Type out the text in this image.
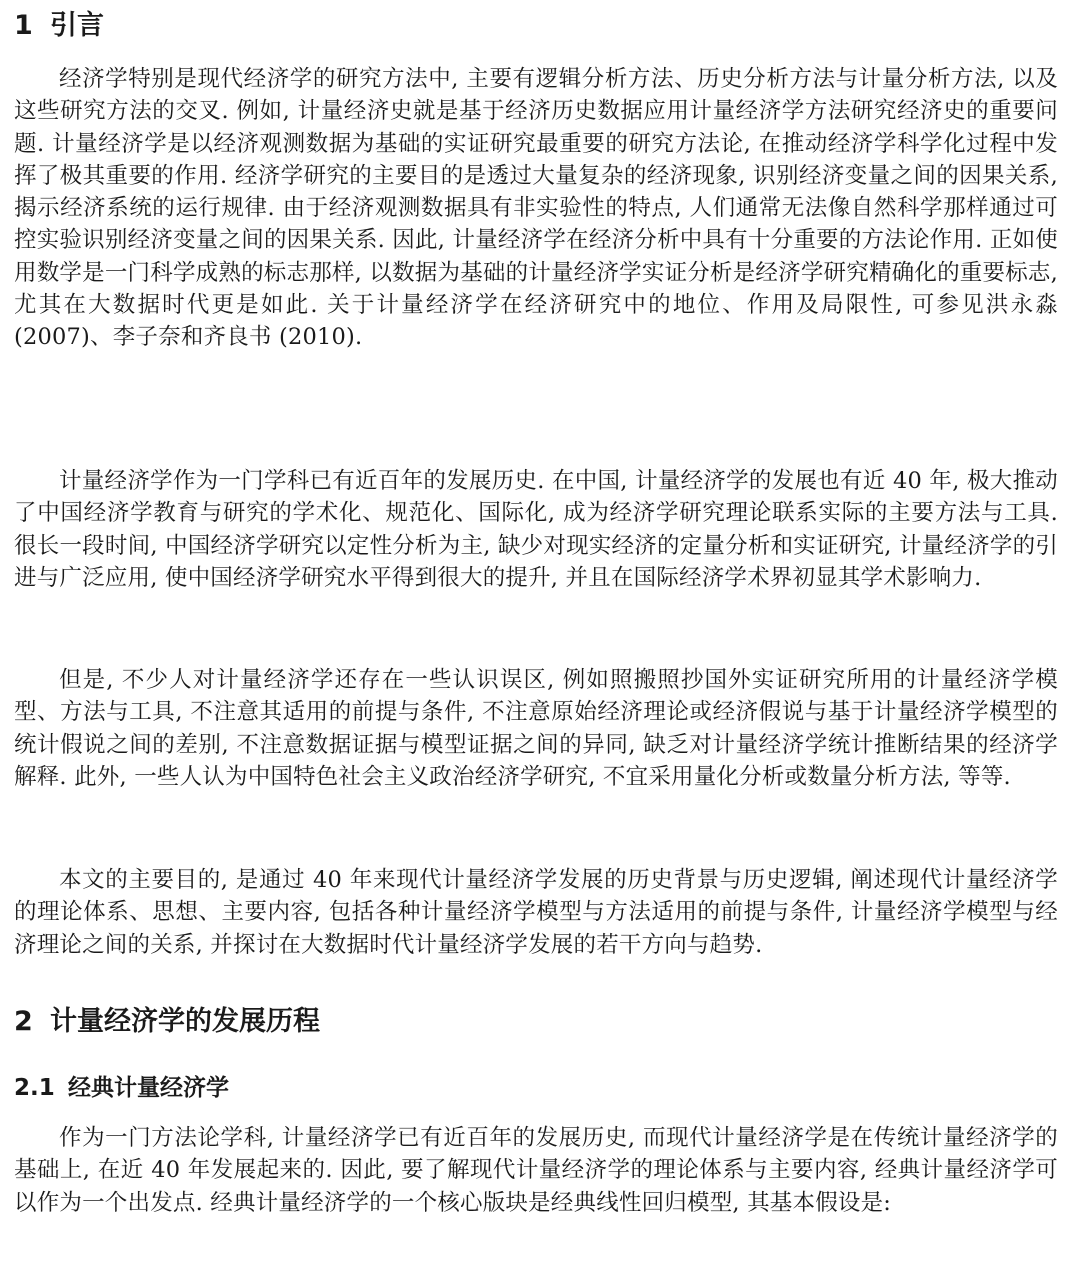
1 引言

经济学特别是现代经济学的研究方法中, 主要有逻辑分析方法、历史分析方法与计量分析方法, 以及这些研究方法的交叉. 例如, 计量经济史就是基于经济历史数据应用计量经济学方法研究经济史的重要问题. 计量经济学是以经济观测数据为基础的实证研究最重要的研究方法论, 在推动经济学科学化过程中发挥了极其重要的作用. 经济学研究的主要目的是透过大量复杂的经济现象, 识别经济变量之间的因果关系, 揭示经济系统的运行规律. 由于经济观测数据具有非实验性的特点, 人们通常无法像自然科学那样通过可控实验识别经济变量之间的因果关系. 因此, 计量经济学在经济分析中具有十分重要的方法论作用. 正如使用数学是一门科学成熟的标志那样, 以数据为基础的计量经济学实证分析是经济学研究精确化的重要标志, 尤其在大数据时代更是如此. 关于计量经济学在经济研究中的地位、作用及局限性, 可参见洪永淼 (2007)、李子奈和齐良书 (2010).

计量经济学作为一门学科已有近百年的发展历史. 在中国, 计量经济学的发展也有近 40 年, 极大推动了中国经济学教育与研究的学术化、规范化、国际化, 成为经济学研究理论联系实际的主要方法与工具. 很长一段时间, 中国经济学研究以定性分析为主, 缺少对现实经济的定量分析和实证研究, 计量经济学的引进与广泛应用, 使中国经济学研究水平得到很大的提升, 并且在国际经济学术界初显其学术影响力.

但是, 不少人对计量经济学还存在一些认识误区, 例如照搬照抄国外实证研究所用的计量经济学模型、方法与工具, 不注意其适用的前提与条件, 不注意原始经济理论或经济假说与基于计量经济学模型的统计假说之间的差别, 不注意数据证据与模型证据之间的异同, 缺乏对计量经济学统计推断结果的经济学解释. 此外, 一些人认为中国特色社会主义政治经济学研究, 不宜采用量化分析或数量分析方法, 等等.

本文的主要目的, 是通过 40 年来现代计量经济学发展的历史背景与历史逻辑, 阐述现代计量经济学的理论体系、思想、主要内容, 包括各种计量经济学模型与方法适用的前提与条件, 计量经济学模型与经济理论之间的关系, 并探讨在大数据时代计量经济学发展的若干方向与趋势.

2 计量经济学的发展历程
2.1 经典计量经济学

作为一门方法论学科, 计量经济学已有近百年的发展历史, 而现代计量经济学是在传统计量经济学的基础上, 在近 40 年发展起来的. 因此, 要了解现代计量经济学的理论体系与主要内容, 经典计量经济学可以作为一个出发点. 经典计量经济学的一个核心版块是经典线性回归模型, 其基本假设是:
